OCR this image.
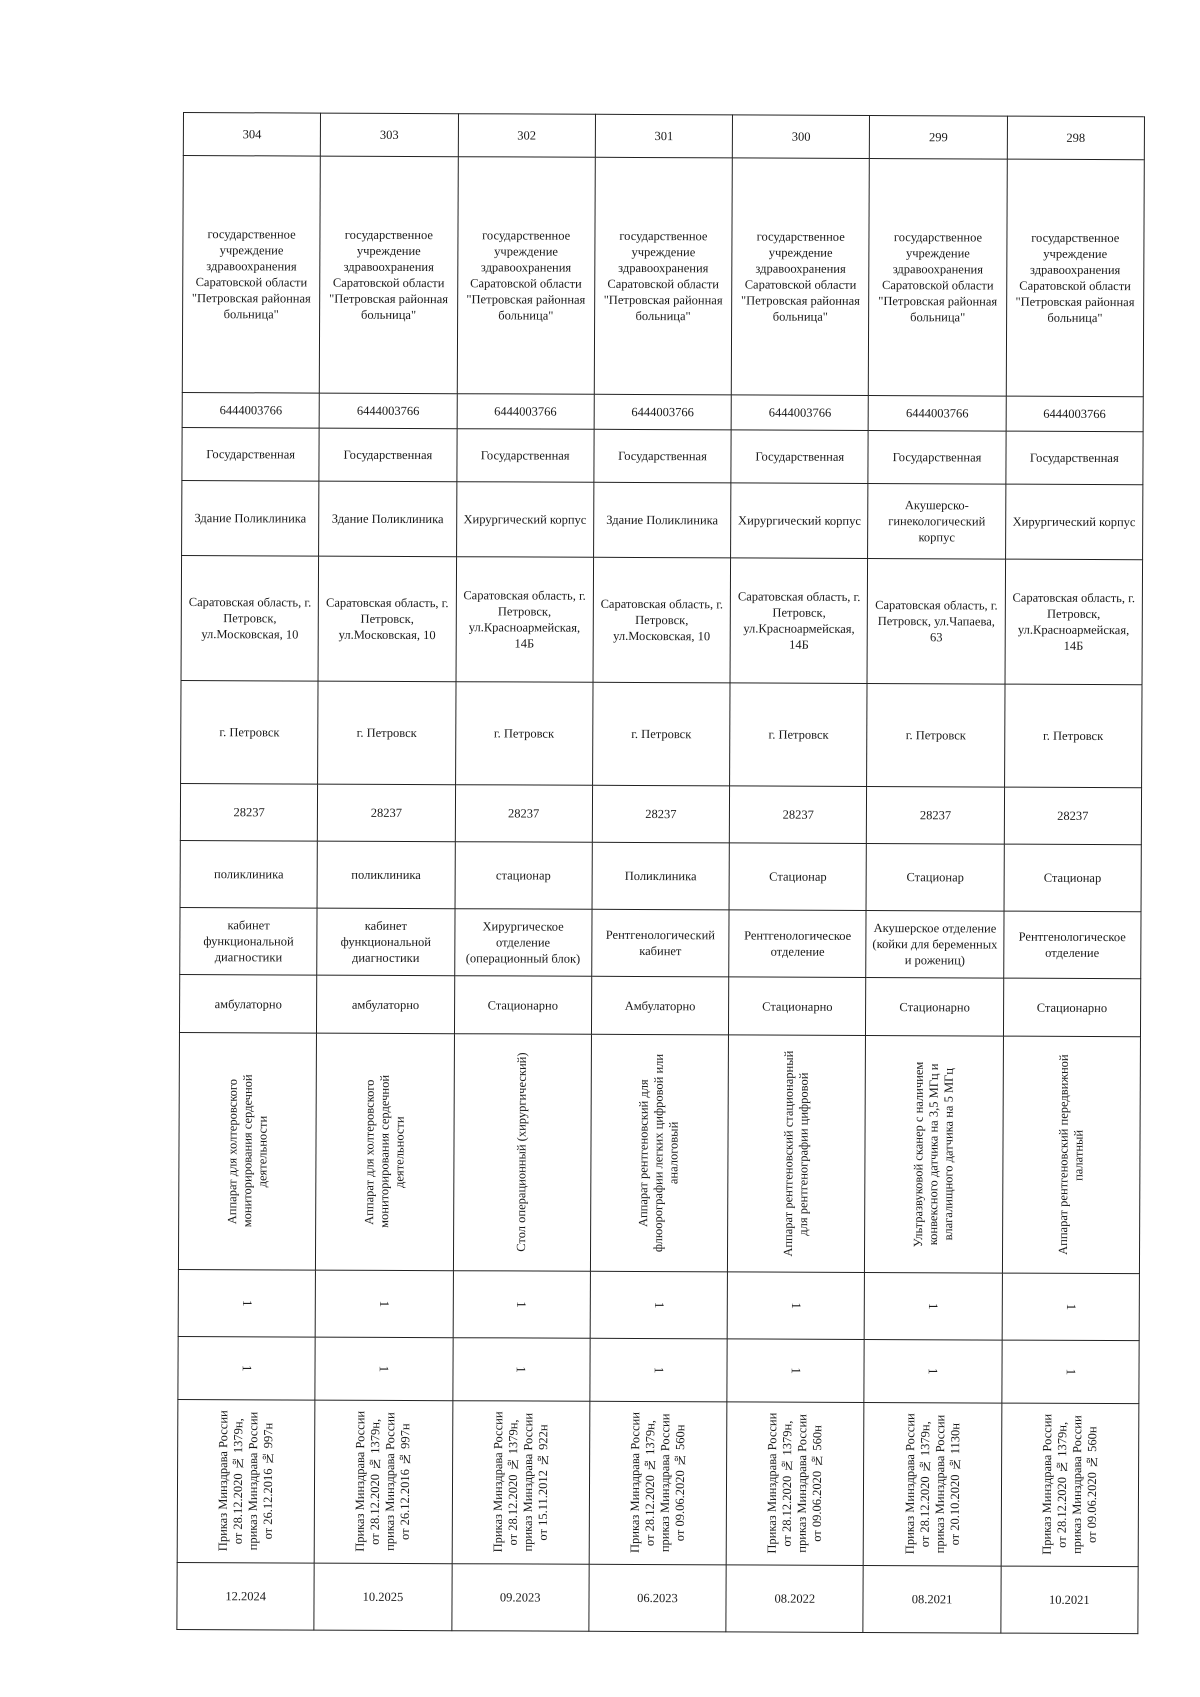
304	303	302	301	300	299	298
государственное учреждение здравоохранения Саратовской области "Петровская районная больница"	государственное учреждение здравоохранения Саратовской области "Петровская районная больница"	государственное учреждение здравоохранения Саратовской области "Петровская районная больница"	государственное учреждение здравоохранения Саратовской области "Петровская районная больница"	государственное учреждение здравоохранения Саратовской области "Петровская районная больница"	государственное учреждение здравоохранения Саратовской области "Петровская районная больница"	государственное учреждение здравоохранения Саратовской области "Петровская районная больница"
6444003766	6444003766	6444003766	6444003766	6444003766	6444003766	6444003766
Государственная	Государственная	Государственная	Государственная	Государственная	Государственная	Государственная
Здание Поликлиника	Здание Поликлиника	Хирургический корпус	Здание Поликлиника	Хирургический корпус	Акушерско-гинекологический корпус	Хирургический корпус
Саратовская область, г. Петровск, ул.Московская, 10	Саратовская область, г. Петровск, ул.Московская, 10	Саратовская область, г. Петровск, ул.Красноармейская, 14Б	Саратовская область, г. Петровск, ул.Московская, 10	Саратовская область, г. Петровск, ул.Красноармейская, 14Б	Саратовская область, г. Петровск, ул.Чапаева, 63	Саратовская область, г. Петровск, ул.Красноармейская, 14Б
г. Петровск	г. Петровск	г. Петровск	г. Петровск	г. Петровск	г. Петровск	г. Петровск
28237	28237	28237	28237	28237	28237	28237
поликлиника	поликлиника	стационар	Поликлиника	Стационар	Стационар	Стационар
кабинет функциональной диагностики	кабинет функциональной диагностики	Хирургическое отделение (операционный блок)	Рентгенологический кабинет	Рентгенологическое отделение	Акушерское отделение (койки для беременных и рожениц)	Рентгенологическое отделение
амбулаторно	амбулаторно	Стационарно	Амбулаторно	Стационарно	Стационарно	Стационарно

Аппарат для холтеровского мониторирования сердечной деятельности	Аппарат для холтеровского мониторирования сердечной деятельности	Стол операционный (хирургический)	Аппарат рентгеновский для флюорографии легких цифровой или аналоговый	Аппарат рентгеновский стационарный для рентгенографии цифровой	Ультразвуковой сканер с наличием конвексного датчика на 3,5 МГц и влагалищного датчика на 5 МГц	Аппарат рентгеновский передвижной палатный

1	1	1	1	1	1	1
1	1	1	1	1	1	1

Приказ Минздрава России от 28.12.2020 № 1379н, приказ Минздрава России от 26.12.2016 № 997н	Приказ Минздрава России от 28.12.2020 № 1379н, приказ Минздрава России от 26.12.2016 № 997н	Приказ Минздрава России от 28.12.2020 № 1379н, приказ Минздрава России от 15.11.2012 № 922н	Приказ Минздрава России от 28.12.2020 № 1379н, приказ Минздрава России от 09.06.2020 № 560н	Приказ Минздрава России от 28.12.2020 № 1379н, приказ Минздрава России от 09.06.2020 № 560н	Приказ Минздрава России от 28.12.2020 № 1379н, приказ Минздрава России от 20.10.2020 № 1130н	Приказ Минздрава России от 28.12.2020 № 1379н, приказ Минздрава России от 09.06.2020 № 560н

12.2024	10.2025	09.2023	06.2023	08.2022	08.2021	10.2021
